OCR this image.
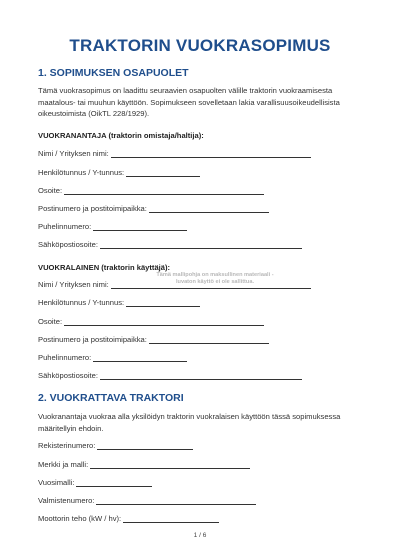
TRAKTORIN VUOKRASOPIMUS
1. SOPIMUKSEN OSAPUOLET
Tämä vuokrasopimus on laadittu seuraavien osapuolten välille traktorin vuokraamisesta
maatalous- tai muuhun käyttöön. Sopimukseen sovelletaan lakia varallisuusoikeudellisista
oikeustoimista (OikTL 228/1929).
VUOKRANANTAJA (traktorin omistaja/haltija):
Nimi / Yrityksen nimi:
Henkilötunnus / Y-tunnus:
Osoite:
Postinumero ja postitoimipaikka:
Puhelinnumero:
Sähköpostiosoite:
VUOKRALAINEN (traktorin käyttäjä):
Tämä mallipohja on maksullinen materiaali -
luvaton käyttö ei ole sallittua.
Nimi / Yrityksen nimi:
Henkilötunnus / Y-tunnus:
Osoite:
Postinumero ja postitoimipaikka:
Puhelinnumero:
Sähköpostiosoite:
2. VUOKRATTAVA TRAKTORI
Vuokranantaja vuokraa alla yksilöidyn traktorin vuokralaisen käyttöön tässä sopimuksessa
määritellyin ehdoin.
Rekisterinumero:
Merkki ja malli:
Vuosimalli:
Valmistenumero:
Moottorin teho (kW / hv):
1 / 6
